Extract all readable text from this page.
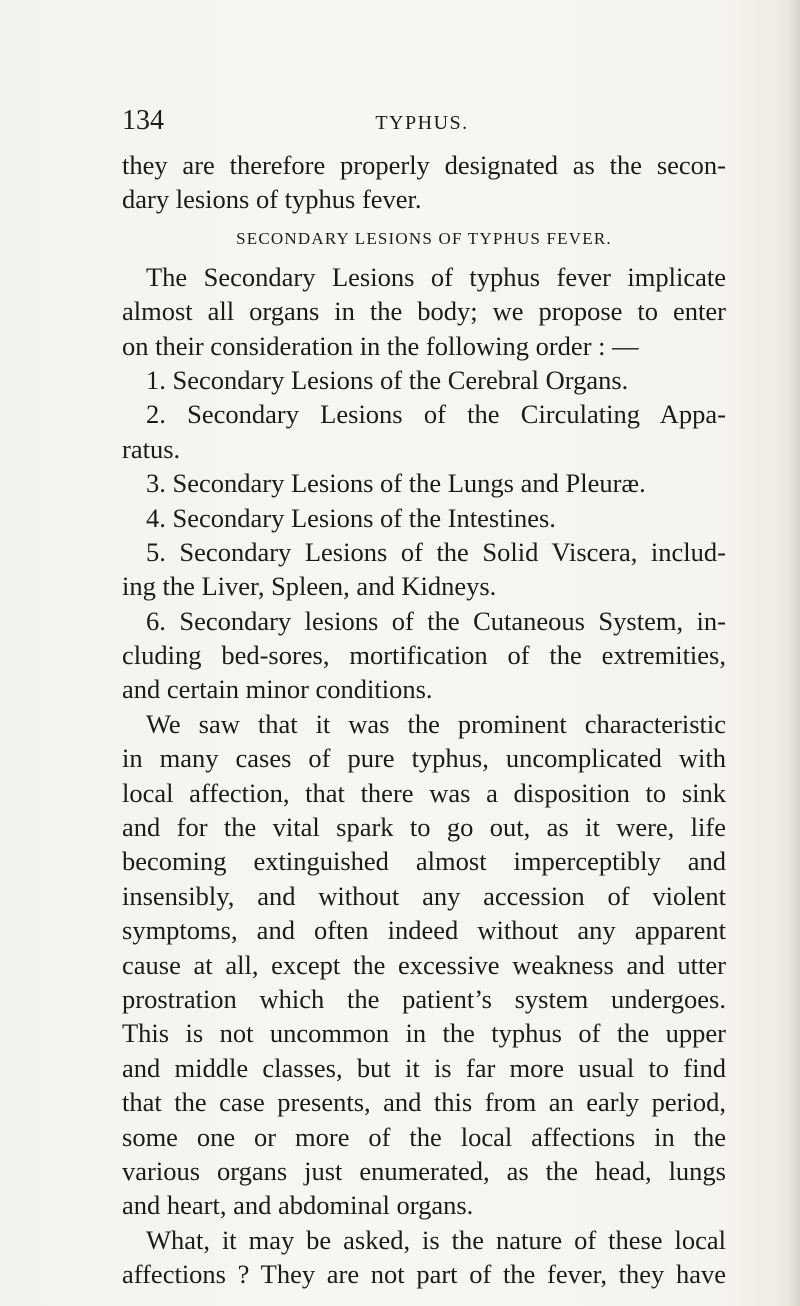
134	TYPHUS.
they are therefore properly designated as the secon-
dary lesions of typhus fever.
SECONDARY LESIONS OF TYPHUS FEVER.
The Secondary Lesions of typhus fever implicate
almost all organs in the body; we propose to enter
on their consideration in the following order : —
1. Secondary Lesions of the Cerebral Organs.
2. Secondary Lesions of the Circulating Appa-
ratus.
3. Secondary Lesions of the Lungs and Pleuræ.
4. Secondary Lesions of the Intestines.
5. Secondary Lesions of the Solid Viscera, includ-
ing the Liver, Spleen, and Kidneys.
6. Secondary lesions of the Cutaneous System, in-
cluding bed-sores, mortification of the extremities,
and certain minor conditions.
We saw that it was the prominent characteristic
in many cases of pure typhus, uncomplicated with
local affection, that there was a disposition to sink
and for the vital spark to go out, as it were, life
becoming extinguished almost imperceptibly and
insensibly, and without any accession of violent
symptoms, and often indeed without any apparent
cause at all, except the excessive weakness and utter
prostration which the patient’s system undergoes.
This is not uncommon in the typhus of the upper
and middle classes, but it is far more usual to find
that the case presents, and this from an early period,
some one or more of the local affections in the
various organs just enumerated, as the head, lungs
and heart, and abdominal organs.
What, it may be asked, is the nature of these local
affections ? They are not part of the fever, they have
